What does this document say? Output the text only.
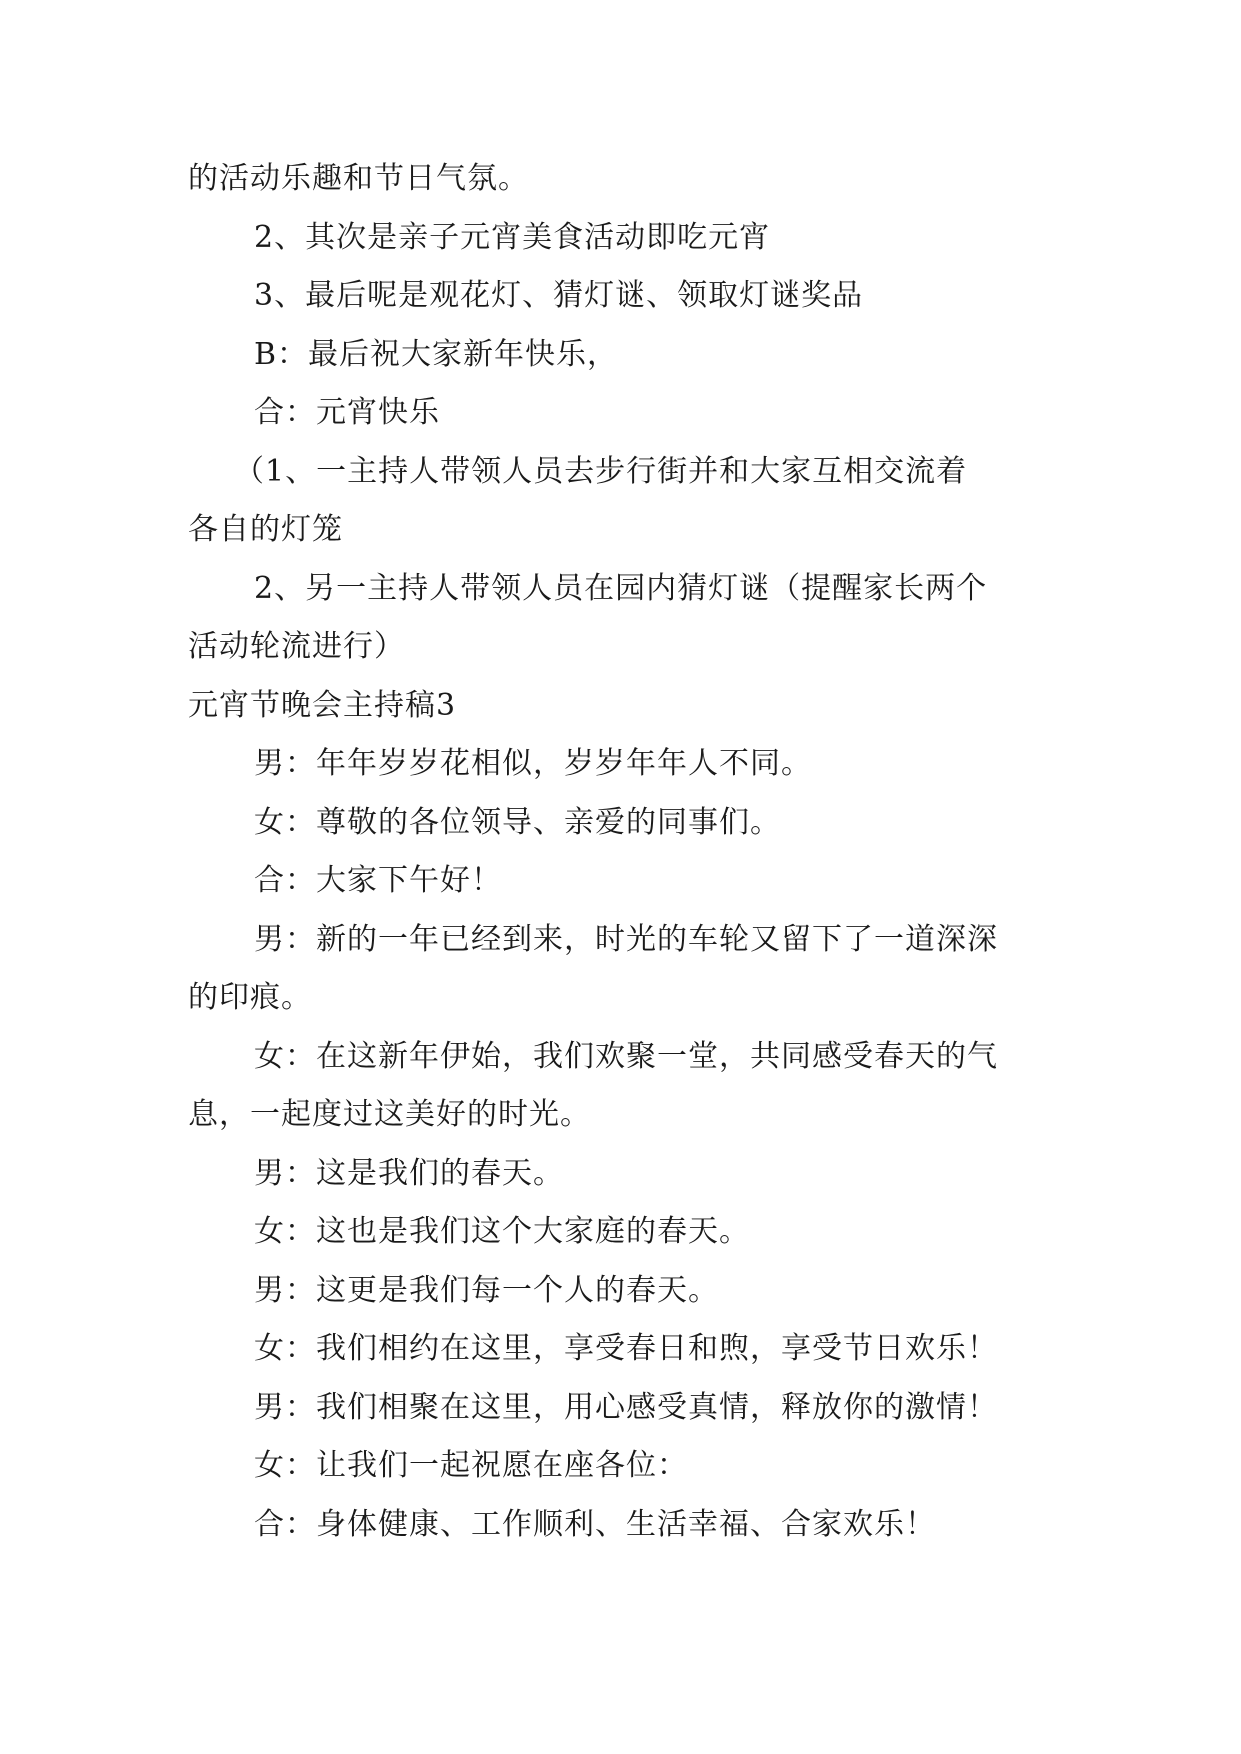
的活动乐趣和节日气氛。

2、其次是亲子元宵美食活动即吃元宵

3、最后呢是观花灯、猜灯谜、领取灯谜奖品

B：最后祝大家新年快乐，

合：元宵快乐

（1、一主持人带领人员去步行街并和大家互相交流着

各自的灯笼

2、另一主持人带领人员在园内猜灯谜（提醒家长两个

活动轮流进行）

元宵节晚会主持稿3

男：年年岁岁花相似，岁岁年年人不同。

女：尊敬的各位领导、亲爱的同事们。

合：大家下午好！

男：新的一年已经到来，时光的车轮又留下了一道深深

的印痕。

女：在这新年伊始，我们欢聚一堂，共同感受春天的气

息，一起度过这美好的时光。

男：这是我们的春天。

女：这也是我们这个大家庭的春天。

男：这更是我们每一个人的春天。

女：我们相约在这里，享受春日和煦，享受节日欢乐！

男：我们相聚在这里，用心感受真情，释放你的激情！

女：让我们一起祝愿在座各位：

合：身体健康、工作顺利、生活幸福、合家欢乐！
